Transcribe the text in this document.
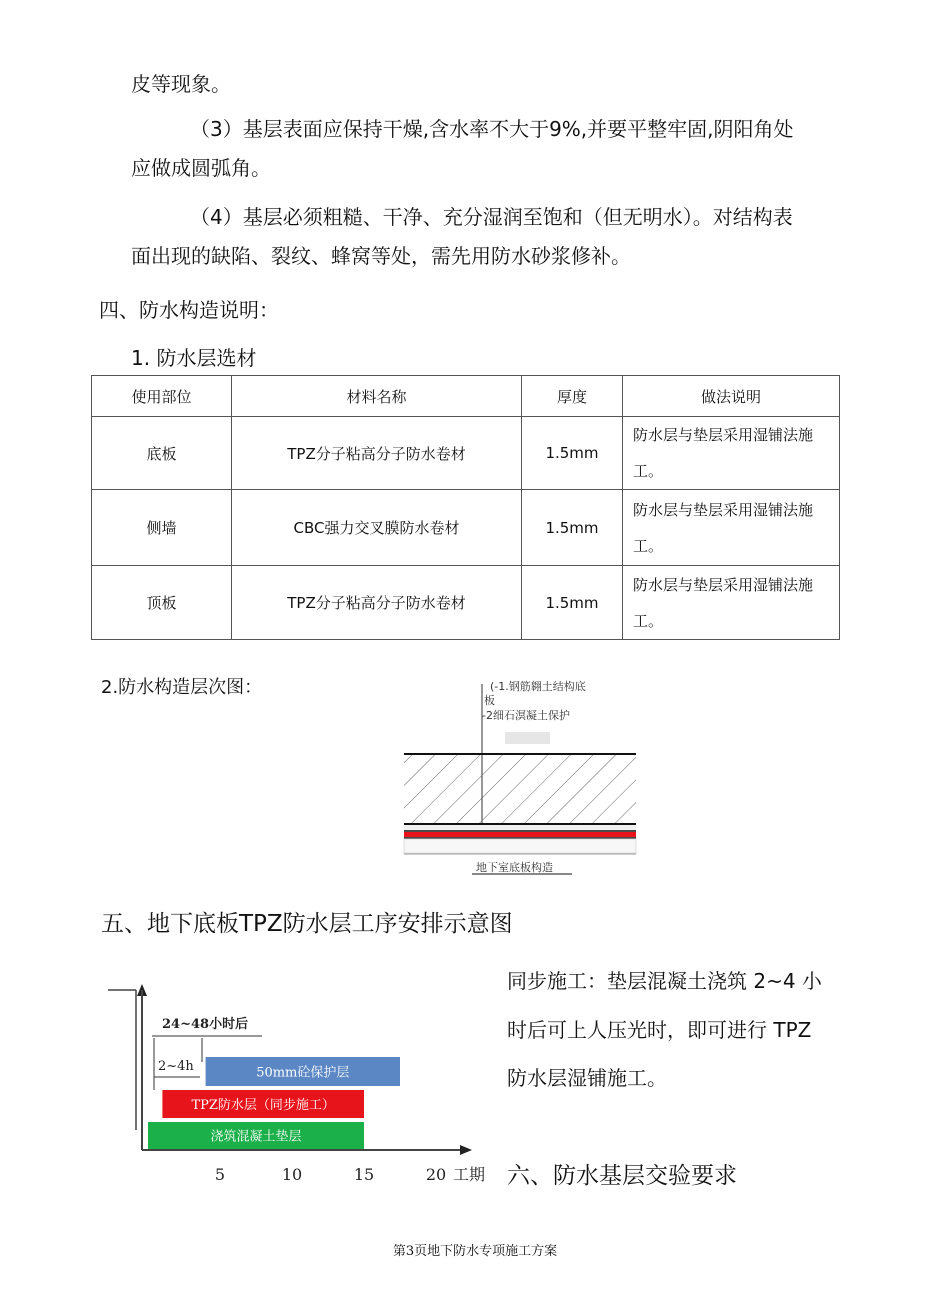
皮等现象。
（3）基层表面应保持干燥,含水率不大于9%,并要平整牢固,阴阳角处
应做成圆弧角。
（4）基层必须粗糙、干净、充分湿润至饱和（但无明水）。对结构表
面出现的缺陷、裂纹、蜂窝等处，需先用防水砂浆修补。
四、防水构造说明：
1. 防水层选材
使用部位	材料名称	厚度	做法说明
底板	TPZ分子粘高分子防水卷材	1.5mm	防水层与垫层采用湿铺法施工。
侧墙	CBC强力交叉膜防水卷材	1.5mm	防水层与垫层采用湿铺法施工。
顶板	TPZ分子粘高分子防水卷材	1.5mm	防水层与垫层采用湿铺法施工。
2.防水构造层次图：	(-1.钢筋翱土结构底
板
-2细石溟凝土保护
地下室底板构造
五、地下底板TPZ防水层工序安排示意图
24~48小时后
2~4h	50mm砼保护层
TPZ防水层（同步施工）
浇筑混凝土垫层
5	10	15	20 工期
同步施工：垫层混凝土浇筑 2~4 小
时后可上人压光时，即可进行 TPZ
防水层湿铺施工。
六、防水基层交验要求
第3页地下防水专项施工方案
